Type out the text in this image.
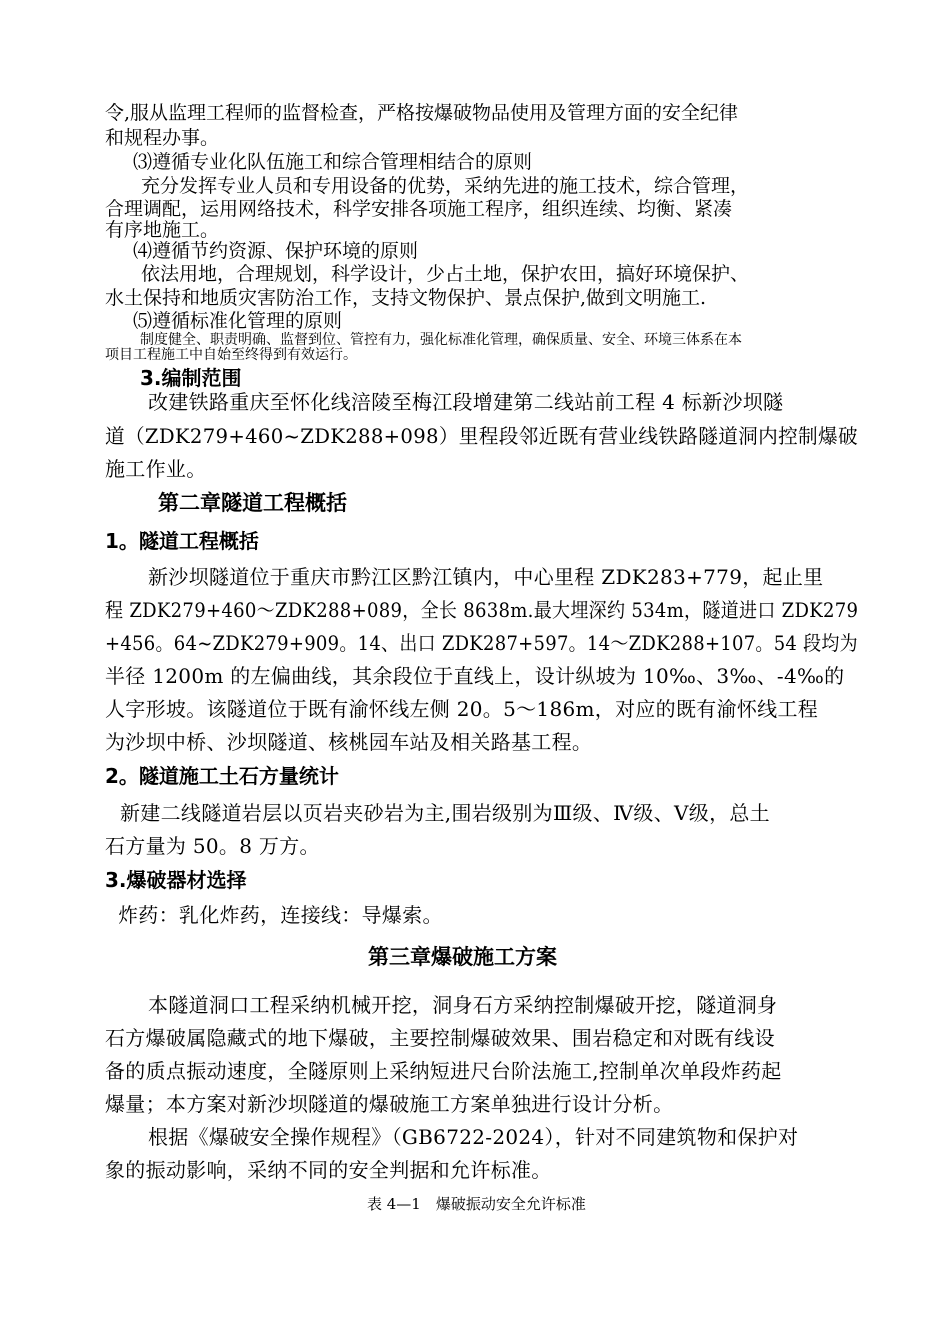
令,服从监理工程师的监督检查，严格按爆破物品使用及管理方面的安全纪律
和规程办事。
⑶遵循专业化队伍施工和综合管理相结合的原则
充分发挥专业人员和专用设备的优势，采纳先进的施工技术，综合管理，
合理调配，运用网络技术，科学安排各项施工程序，组织连续、均衡、紧凑
有序地施工。
⑷遵循节约资源、保护环境的原则
依法用地，合理规划，科学设计，少占土地，保护农田，搞好环境保护、
水土保持和地质灾害防治工作，支持文物保护、景点保护,做到文明施工.
⑸遵循标准化管理的原则
制度健全、职责明确、监督到位、管控有力，强化标准化管理，确保质量、安全、环境三体系在本
项目工程施工中自始至终得到有效运行。
3.编制范围
改建铁路重庆至怀化线涪陵至梅江段增建第二线站前工程 4 标新沙坝隧
道（ZDK279+460~ZDK288+098）里程段邻近既有营业线铁路隧道洞内控制爆破
施工作业。
第二章隧道工程概括
1。隧道工程概括
新沙坝隧道位于重庆市黔江区黔江镇内，中心里程 ZDK283+779，起止里
程 ZDK279+460～ZDK288+089，全长 8638m.最大埋深约 534m，隧道进口 ZDK279
+456。64~ZDK279+909。14、出口 ZDK287+597。14～ZDK288+107。54 段均为
半径 1200m 的左偏曲线，其余段位于直线上，设计纵坡为 10‰、3‰、-4‰的
人字形坡。该隧道位于既有渝怀线左侧 20。5～186m，对应的既有渝怀线工程
为沙坝中桥、沙坝隧道、核桃园车站及相关路基工程。
2。隧道施工土石方量统计
新建二线隧道岩层以页岩夹砂岩为主,围岩级别为Ⅲ级、Ⅳ级、Ⅴ级，总土
石方量为 50。8 万方。
3.爆破器材选择
炸药：乳化炸药，连接线：导爆索。
第三章爆破施工方案
本隧道洞口工程采纳机械开挖，洞身石方采纳控制爆破开挖，隧道洞身
石方爆破属隐藏式的地下爆破，主要控制爆破效果、围岩稳定和对既有线设
备的质点振动速度，全隧原则上采纳短进尺台阶法施工,控制单次单段炸药起
爆量；本方案对新沙坝隧道的爆破施工方案单独进行设计分析。
根据《爆破安全操作规程》（GB6722-2024），针对不同建筑物和保护对
象的振动影响，采纳不同的安全判据和允许标准。
表 4—1　爆破振动安全允许标准
